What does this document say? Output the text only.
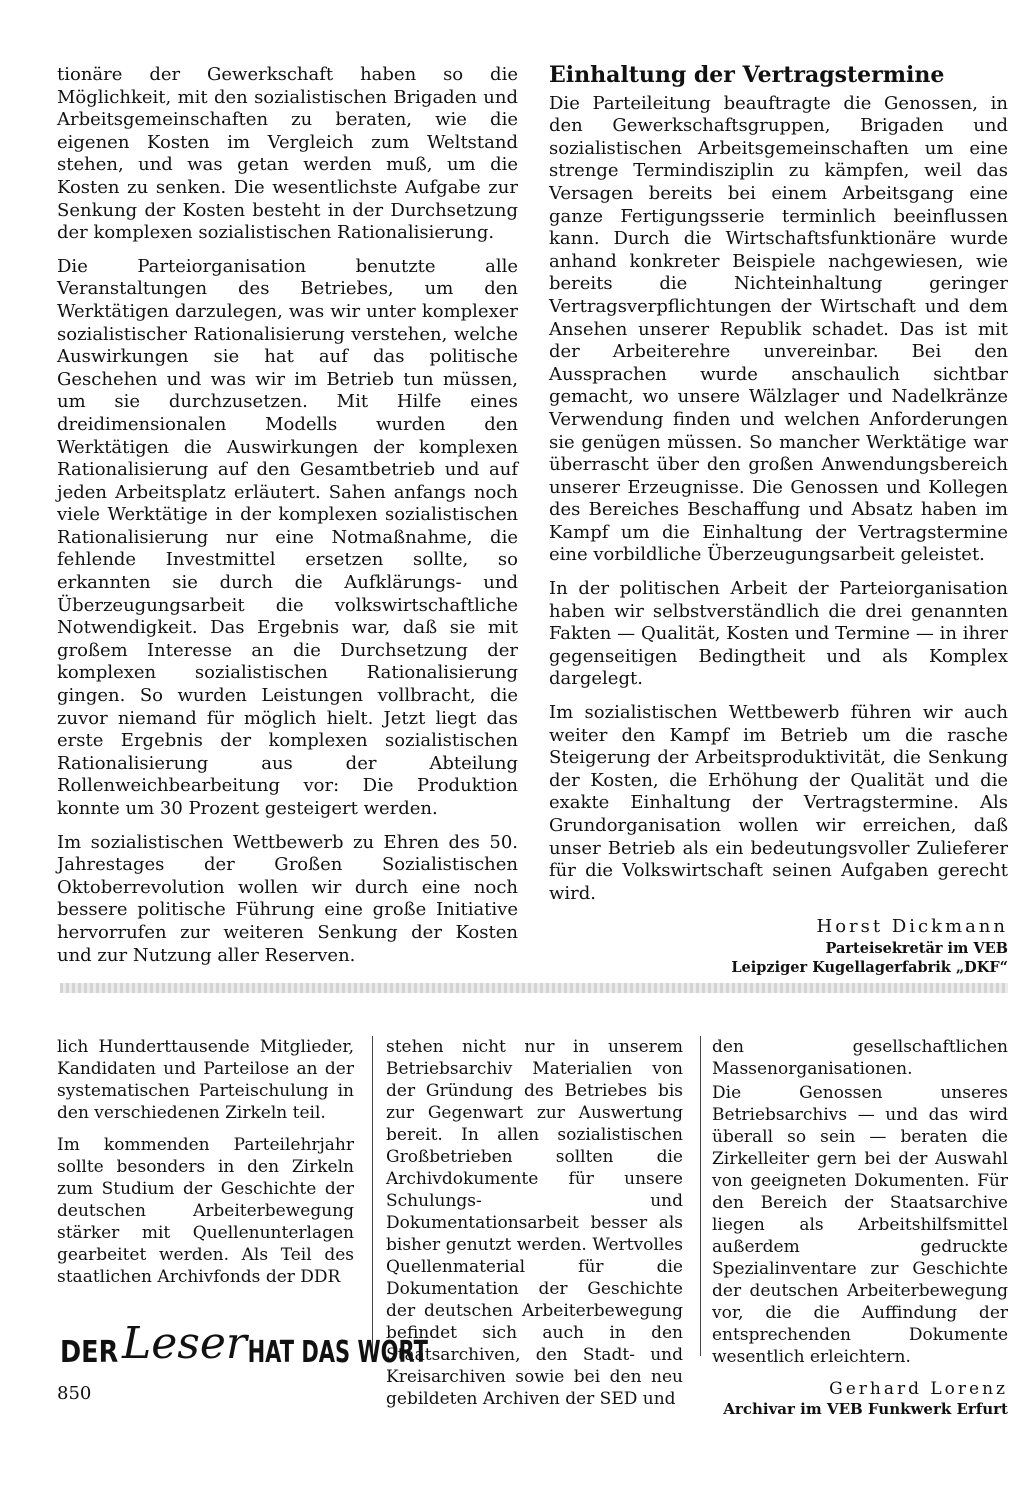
tionäre der Gewerkschaft haben so die Möglichkeit, mit den sozialistischen Brigaden und Arbeitsgemeinschaften zu beraten, wie die eigenen Kosten im Vergleich zum Weltstand stehen, und was getan werden muß, um die Kosten zu senken. Die wesentlichste Aufgabe zur Senkung der Kosten besteht in der Durchsetzung der komplexen sozialistischen Rationalisierung.

Die Parteiorganisation benutzte alle Veranstaltungen des Betriebes, um den Werktätigen darzulegen, was wir unter komplexer sozialistischer Rationalisierung verstehen, welche Auswirkungen sie hat auf das politische Geschehen und was wir im Betrieb tun müssen, um sie durchzusetzen. Mit Hilfe eines dreidimensionalen Modells wurden den Werktätigen die Auswirkungen der komplexen Rationalisierung auf den Gesamtbetrieb und auf jeden Arbeitsplatz erläutert. Sahen anfangs noch viele Werktätige in der komplexen sozialistischen Rationalisierung nur eine Notmaßnahme, die fehlende Investmittel ersetzen sollte, so erkannten sie durch die Aufklärungs- und Überzeugungsarbeit die volkswirtschaftliche Notwendigkeit. Das Ergebnis war, daß sie mit großem Interesse an die Durchsetzung der komplexen sozialistischen Rationalisierung gingen. So wurden Leistungen vollbracht, die zuvor niemand für möglich hielt. Jetzt liegt das erste Ergebnis der komplexen sozialistischen Rationalisierung aus der Abteilung Rollenweichbearbeitung vor: Die Produktion konnte um 30 Prozent gesteigert werden.

Im sozialistischen Wettbewerb zu Ehren des 50. Jahrestages der Großen Sozialistischen Oktoberrevolution wollen wir durch eine noch bessere politische Führung eine große Initiative hervorrufen zur weiteren Senkung der Kosten und zur Nutzung aller Reserven.

Einhaltung der Vertragstermine

Die Parteileitung beauftragte die Genossen, in den Gewerkschaftsgruppen, Brigaden und sozialistischen Arbeitsgemeinschaften um eine strenge Termindisziplin zu kämpfen, weil das Versagen bereits bei einem Arbeitsgang eine ganze Fertigungsserie terminlich beeinflussen kann. Durch die Wirtschaftsfunktionäre wurde anhand konkreter Beispiele nachgewiesen, wie bereits die Nichteinhaltung geringer Vertragsverpflichtungen der Wirtschaft und dem Ansehen unserer Republik schadet. Das ist mit der Arbeiterehre unvereinbar. Bei den Aussprachen wurde anschaulich sichtbar gemacht, wo unsere Wälzlager und Nadelkränze Verwendung finden und welchen Anforderungen sie genügen müssen. So mancher Werktätige war überrascht über den großen Anwendungsbereich unserer Erzeugnisse. Die Genossen und Kollegen des Bereiches Beschaffung und Absatz haben im Kampf um die Einhaltung der Vertragstermine eine vorbildliche Überzeugungsarbeit geleistet.

In der politischen Arbeit der Parteiorganisation haben wir selbstverständlich die drei genannten Fakten — Qualität, Kosten und Termine — in ihrer gegenseitigen Bedingtheit und als Komplex dargelegt.

Im sozialistischen Wettbewerb führen wir auch weiter den Kampf im Betrieb um die rasche Steigerung der Arbeitsproduktivität, die Senkung der Kosten, die Erhöhung der Qualität und die exakte Einhaltung der Vertragstermine. Als Grundorganisation wollen wir erreichen, daß unser Betrieb als ein bedeutungsvoller Zulieferer für die Volkswirtschaft seinen Aufgaben gerecht wird.

Horst Dickmann
Parteisekretär im VEB
Leipziger Kugellagerfabrik „DKF“

lich Hunderttausende Mitglieder, Kandidaten und Parteilose an der systematischen Parteischulung in den verschiedenen Zirkeln teil.

Im kommenden Parteilehrjahr sollte besonders in den Zirkeln zum Studium der Geschichte der deutschen Arbeiterbewegung stärker mit Quellenunterlagen gearbeitet werden. Als Teil des staatlichen Archivfonds der DDR

stehen nicht nur in unserem Betriebsarchiv Materialien von der Gründung des Betriebes bis zur Gegenwart zur Auswertung bereit. In allen sozialistischen Großbetrieben sollten die Archivdokumente für unsere Schulungs- und Dokumentationsarbeit besser als bisher genutzt werden. Wertvolles Quellenmaterial für die Dokumentation der Geschichte der deutschen Arbeiterbewegung befindet sich auch in den Staatsarchiven, den Stadt- und Kreisarchiven sowie bei den neu gebildeten Archiven der SED und

den gesellschaftlichen Massenorganisationen.

Die Genossen unseres Betriebsarchivs — und das wird überall so sein — beraten die Zirkelleiter gern bei der Auswahl von geeigneten Dokumenten. Für den Bereich der Staatsarchive liegen als Arbeitshilfsmittel außerdem gedruckte Spezialinventare zur Geschichte der deutschen Arbeiterbewegung vor, die die Auffindung der entsprechenden Dokumente wesentlich erleichtern.

Gerhard Lorenz
Archivar im VEB Funkwerk Erfurt
DER Leser HAT DAS WORT
850
